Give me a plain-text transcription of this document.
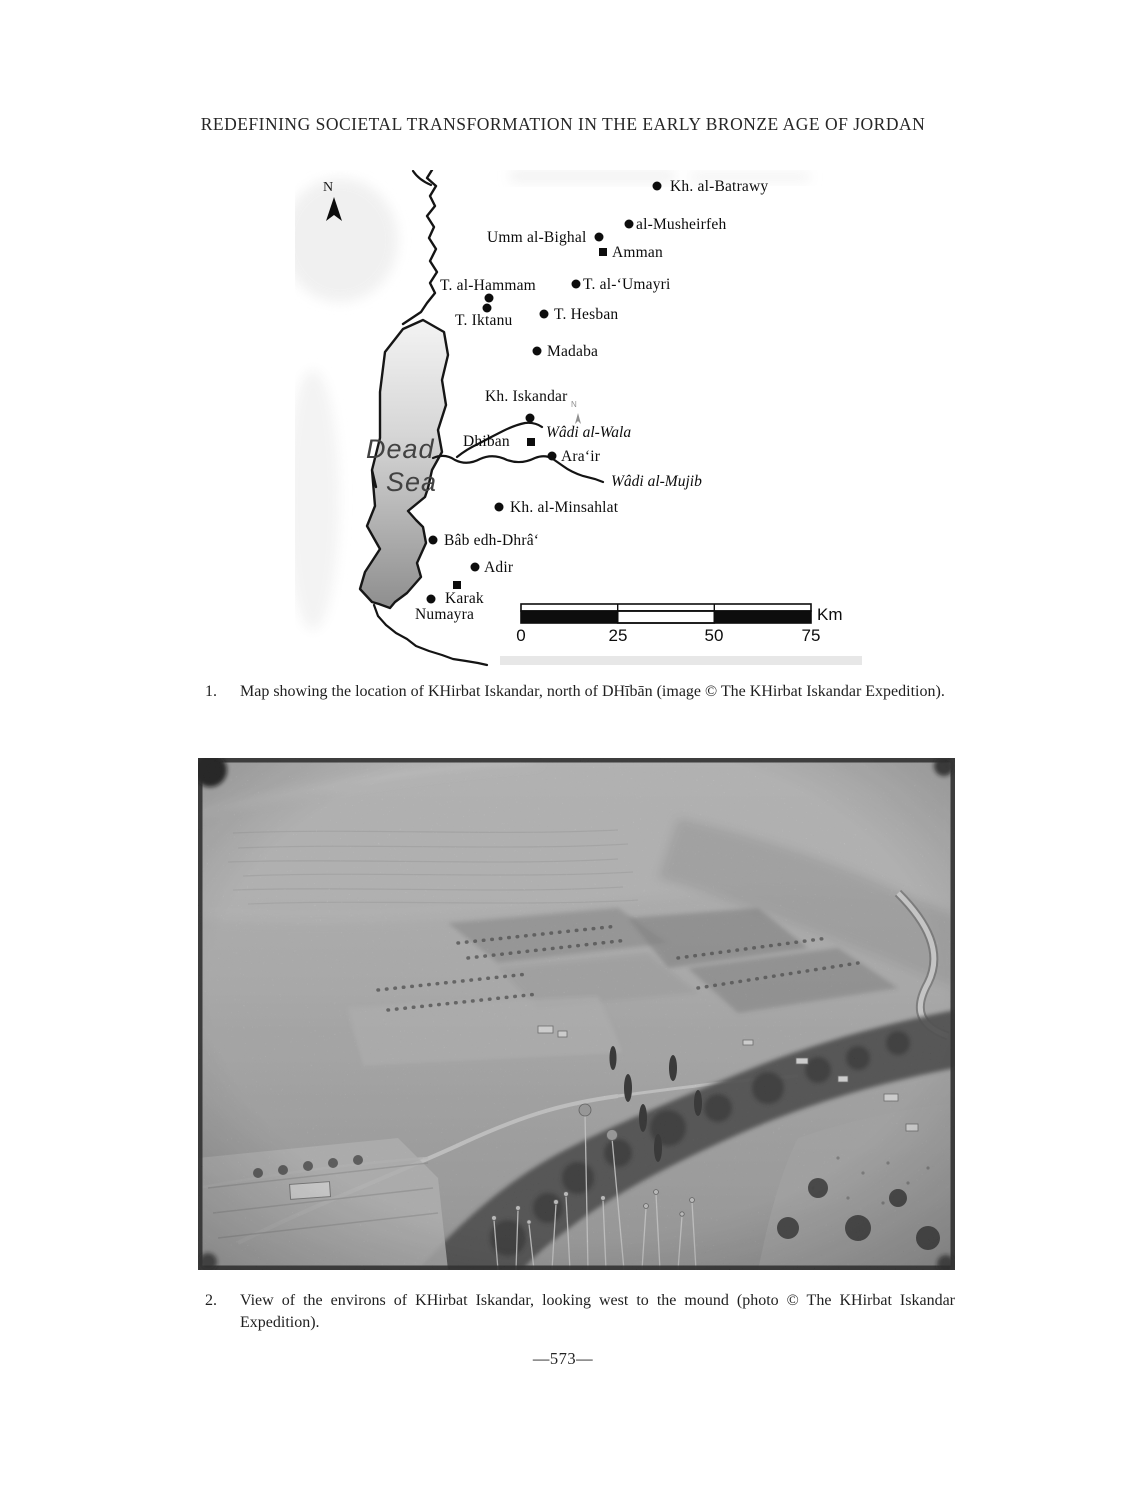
REDEFINING SOCIETAL TRANSFORMATION IN THE EARLY BRONZE AGE OF JORDAN
N
N
Km
Kh. al-Batrawy
al-Musheirfeh
Umm al-Bighal
Amman
T. al-Hammam	T. al-‘Umayri
T. Iktanu	T. Hesban
Madaba
Kh. Iskandar
Dhiban
Ara‘ir
Kh. al-Minsahlat
Bâb edh-Dhrâ‘
Adir
Karak
Numayra
Wâdi al-Wala
Wâdi al-Mujib
Dead
Sea
0	25	50	75
1.	Map showing the location of KHirbat Iskandar, north of DHībān (image © The KHirbat Iskandar Expedition).
2.	View of the environs of KHirbat Iskandar, looking west to the mound (photo © The KHirbat Iskandar Expedition).
—573—
